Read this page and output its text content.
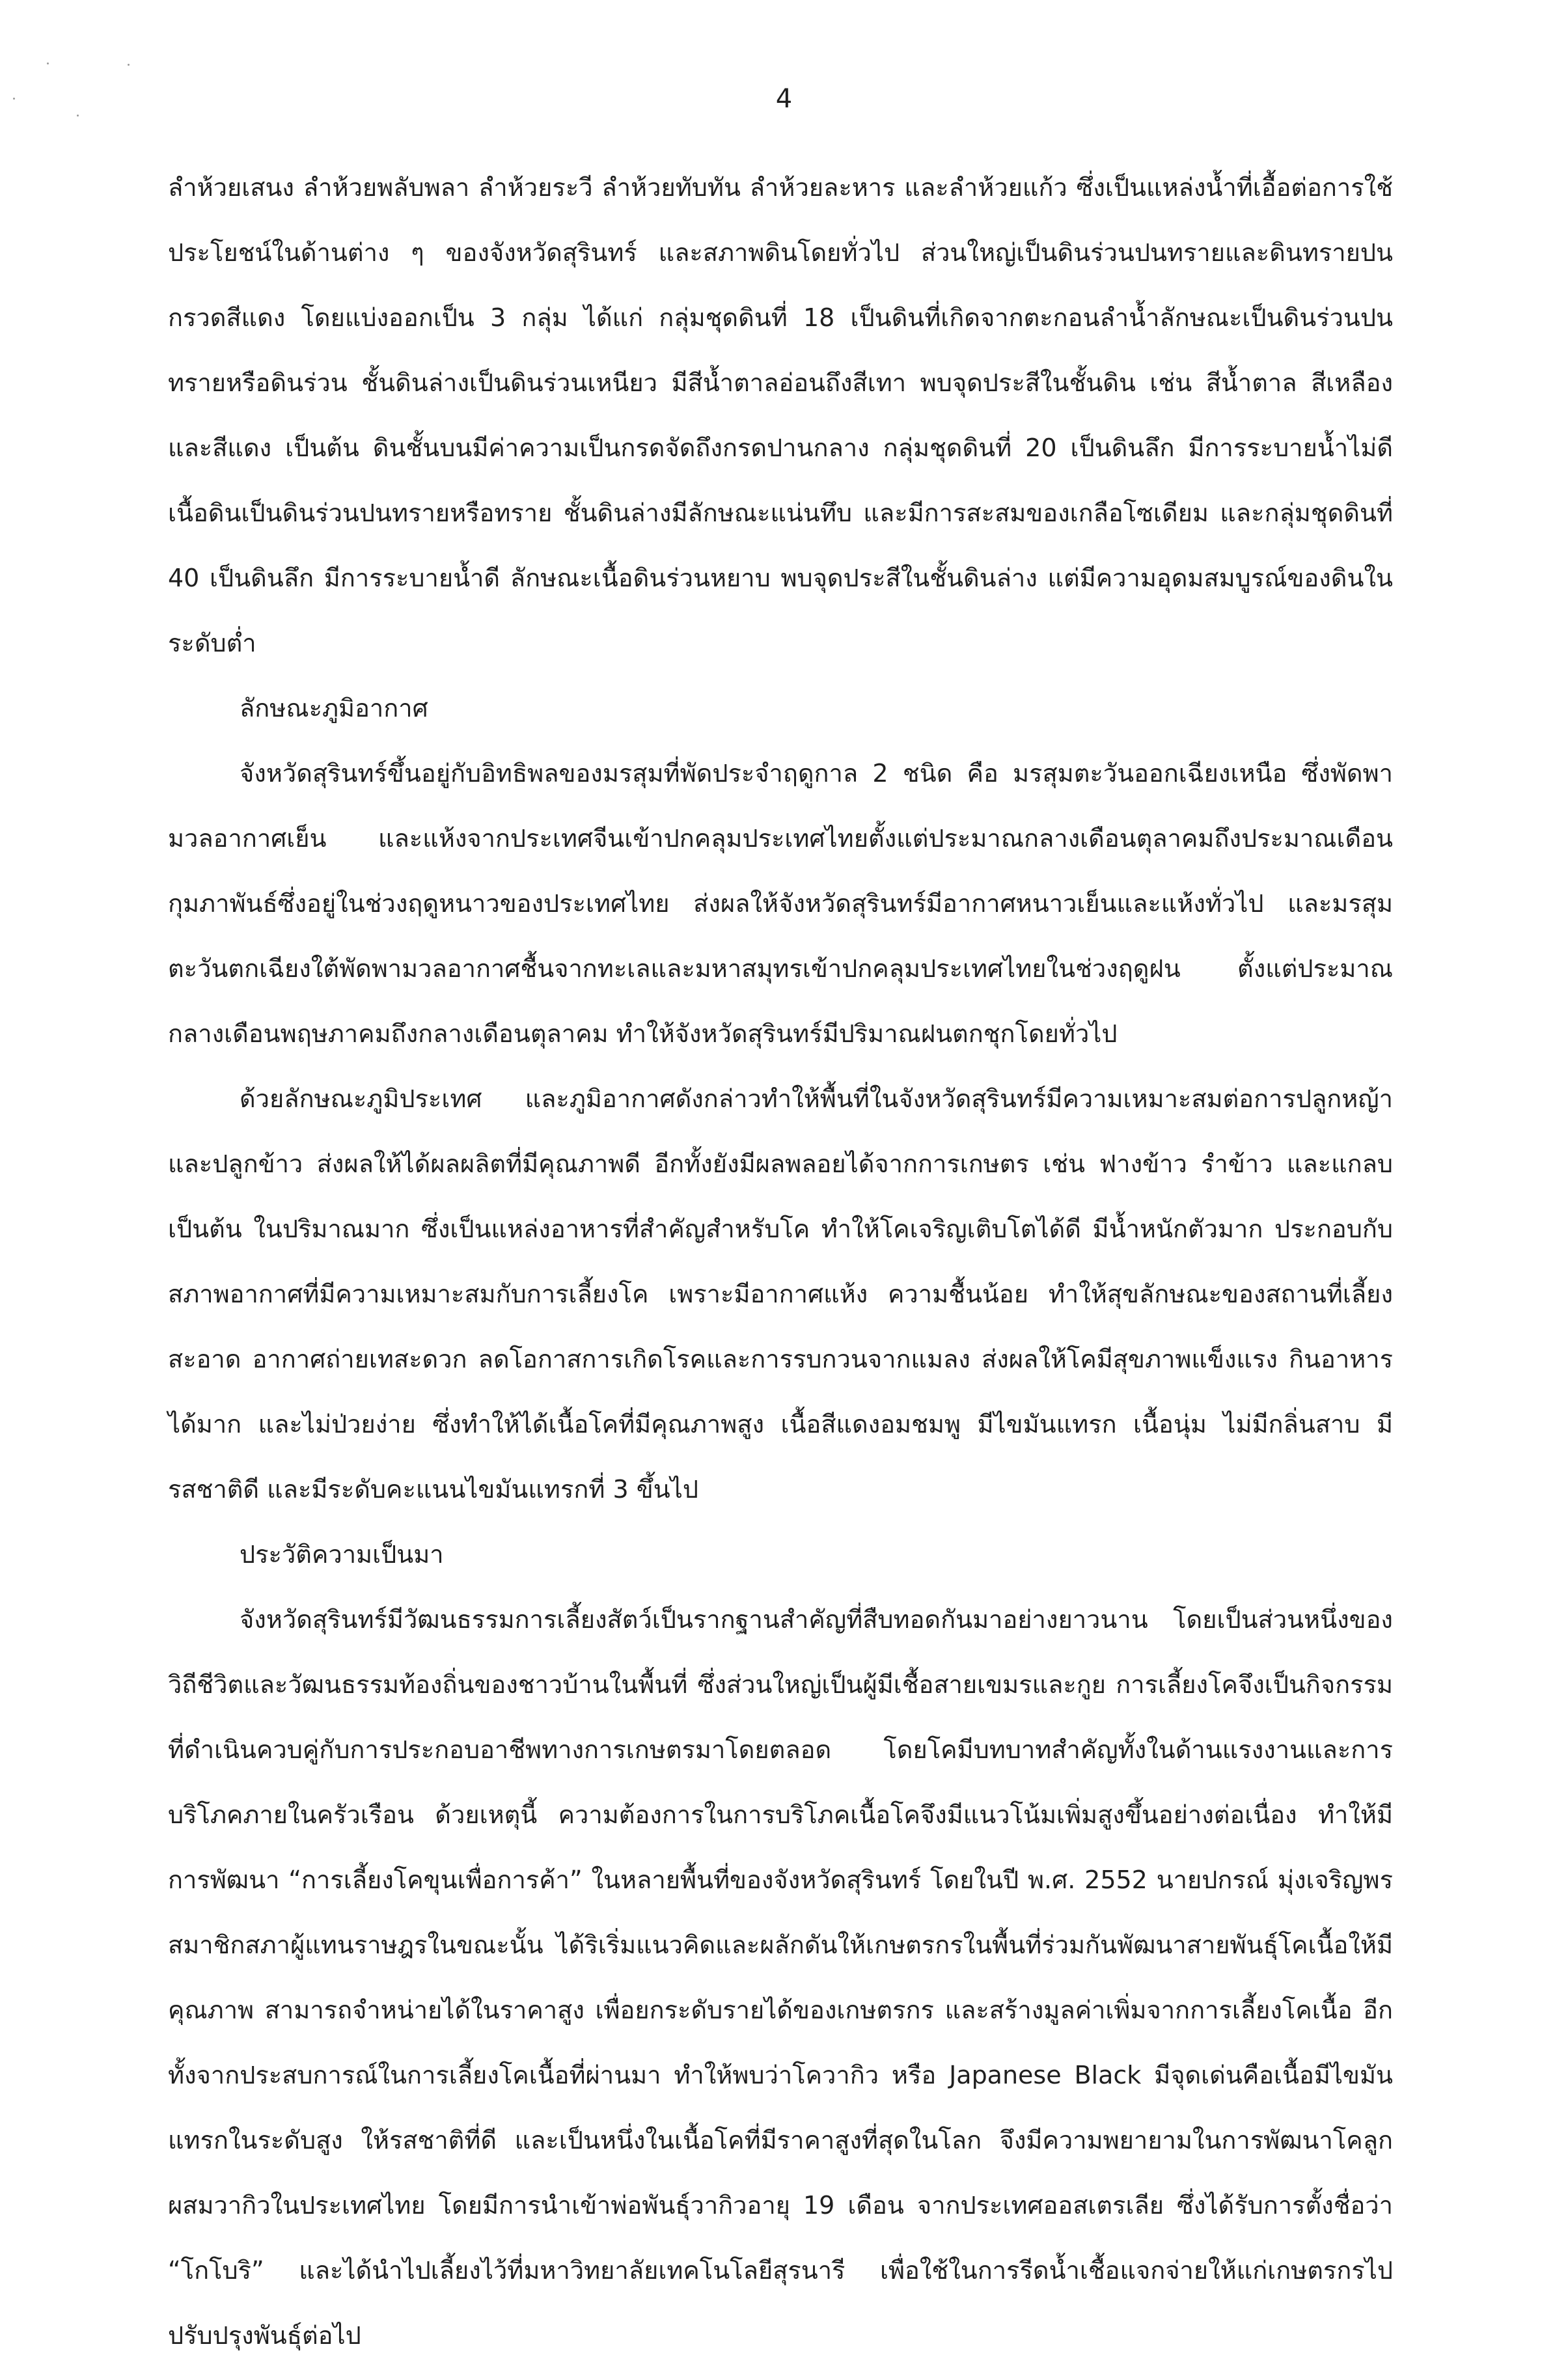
4

ลำห้วยเสนง ลำห้วยพลับพลา ลำห้วยระวี ลำห้วยทับทัน ลำห้วยละหาร และลำห้วยแก้ว ซึ่งเป็นแหล่งน้ำที่เอื้อต่อการใช้ประโยชน์ในด้านต่าง ๆ ของจังหวัดสุรินทร์ และสภาพดินโดยทั่วไป ส่วนใหญ่เป็นดินร่วนปนทรายและดินทรายปนกรวดสีแดง โดยแบ่งออกเป็น 3 กลุ่ม ได้แก่ กลุ่มชุดดินที่ 18 เป็นดินที่เกิดจากตะกอนลำน้ำลักษณะเป็นดินร่วนปนทรายหรือดินร่วน ชั้นดินล่างเป็นดินร่วนเหนียว มีสีน้ำตาลอ่อนถึงสีเทา พบจุดประสีในชั้นดิน เช่น สีน้ำตาล สีเหลือง และสีแดง เป็นต้น ดินชั้นบนมีค่าความเป็นกรดจัดถึงกรดปานกลาง กลุ่มชุดดินที่ 20 เป็นดินลึก มีการระบายน้ำไม่ดี เนื้อดินเป็นดินร่วนปนทรายหรือทราย ชั้นดินล่างมีลักษณะแน่นทึบ และมีการสะสมของเกลือโซเดียม และกลุ่มชุดดินที่ 40 เป็นดินลึก มีการระบายน้ำดี ลักษณะเนื้อดินร่วนหยาบ พบจุดประสีในชั้นดินล่าง แต่มีความอุดมสมบูรณ์ของดินในระดับต่ำ

ลักษณะภูมิอากาศ

จังหวัดสุรินทร์ขึ้นอยู่กับอิทธิพลของมรสุมที่พัดประจำฤดูกาล 2 ชนิด คือ มรสุมตะวันออกเฉียงเหนือ ซึ่งพัดพามวลอากาศเย็น และแห้งจากประเทศจีนเข้าปกคลุมประเทศไทยตั้งแต่ประมาณกลางเดือนตุลาคมถึงประมาณเดือนกุมภาพันธ์ซึ่งอยู่ในช่วงฤดูหนาวของประเทศไทย ส่งผลให้จังหวัดสุรินทร์มีอากาศหนาวเย็นและแห้งทั่วไป และมรสุมตะวันตกเฉียงใต้พัดพามวลอากาศชื้นจากทะเลและมหาสมุทรเข้าปกคลุมประเทศไทยในช่วงฤดูฝน ตั้งแต่ประมาณกลางเดือนพฤษภาคมถึงกลางเดือนตุลาคม ทำให้จังหวัดสุรินทร์มีปริมาณฝนตกชุกโดยทั่วไป

ด้วยลักษณะภูมิประเทศ และภูมิอากาศดังกล่าวทำให้พื้นที่ในจังหวัดสุรินทร์มีความเหมาะสมต่อการปลูกหญ้าและปลูกข้าว ส่งผลให้ได้ผลผลิตที่มีคุณภาพดี อีกทั้งยังมีผลพลอยได้จากการเกษตร เช่น ฟางข้าว รำข้าว และแกลบ เป็นต้น ในปริมาณมาก ซึ่งเป็นแหล่งอาหารที่สำคัญสำหรับโค ทำให้โคเจริญเติบโตได้ดี มีน้ำหนักตัวมาก ประกอบกับสภาพอากาศที่มีความเหมาะสมกับการเลี้ยงโค เพราะมีอากาศแห้ง ความชื้นน้อย ทำให้สุขลักษณะของสถานที่เลี้ยงสะอาด อากาศถ่ายเทสะดวก ลดโอกาสการเกิดโรคและการรบกวนจากแมลง ส่งผลให้โคมีสุขภาพแข็งแรง กินอาหารได้มาก และไม่ป่วยง่าย ซึ่งทำให้ได้เนื้อโคที่มีคุณภาพสูง เนื้อสีแดงอมชมพู มีไขมันแทรก เนื้อนุ่ม ไม่มีกลิ่นสาบ มีรสชาติดี และมีระดับคะแนนไขมันแทรกที่ 3 ขึ้นไป

ประวัติความเป็นมา

จังหวัดสุรินทร์มีวัฒนธรรมการเลี้ยงสัตว์เป็นรากฐานสำคัญที่สืบทอดกันมาอย่างยาวนาน โดยเป็นส่วนหนึ่งของวิถีชีวิตและวัฒนธรรมท้องถิ่นของชาวบ้านในพื้นที่ ซึ่งส่วนใหญ่เป็นผู้มีเชื้อสายเขมรและกูย การเลี้ยงโคจึงเป็นกิจกรรมที่ดำเนินควบคู่กับการประกอบอาชีพทางการเกษตรมาโดยตลอด โดยโคมีบทบาทสำคัญทั้งในด้านแรงงานและการบริโภคภายในครัวเรือน ด้วยเหตุนี้ ความต้องการในการบริโภคเนื้อโคจึงมีแนวโน้มเพิ่มสูงขึ้นอย่างต่อเนื่อง ทำให้มีการพัฒนา “การเลี้ยงโคขุนเพื่อการค้า” ในหลายพื้นที่ของจังหวัดสุรินทร์ โดยในปี พ.ศ. 2552 นายปกรณ์ มุ่งเจริญพร สมาชิกสภาผู้แทนราษฎรในขณะนั้น ได้ริเริ่มแนวคิดและผลักดันให้เกษตรกรในพื้นที่ร่วมกันพัฒนาสายพันธุ์โคเนื้อให้มีคุณภาพ สามารถจำหน่ายได้ในราคาสูง เพื่อยกระดับรายได้ของเกษตรกร และสร้างมูลค่าเพิ่มจากการเลี้ยงโคเนื้อ อีกทั้งจากประสบการณ์ในการเลี้ยงโคเนื้อที่ผ่านมา ทำให้พบว่าโควากิว หรือ Japanese Black มีจุดเด่นคือเนื้อมีไขมันแทรกในระดับสูง ให้รสชาติที่ดี และเป็นหนึ่งในเนื้อโคที่มีราคาสูงที่สุดในโลก จึงมีความพยายามในการพัฒนาโคลูกผสมวากิวในประเทศไทย โดยมีการนำเข้าพ่อพันธุ์วากิวอายุ 19 เดือน จากประเทศออสเตรเลีย ซึ่งได้รับการตั้งชื่อว่า “โกโบริ” และได้นำไปเลี้ยงไว้ที่มหาวิทยาลัยเทคโนโลยีสุรนารี เพื่อใช้ในการรีดน้ำเชื้อแจกจ่ายให้แก่เกษตรกรไปปรับปรุงพันธุ์ต่อไป
